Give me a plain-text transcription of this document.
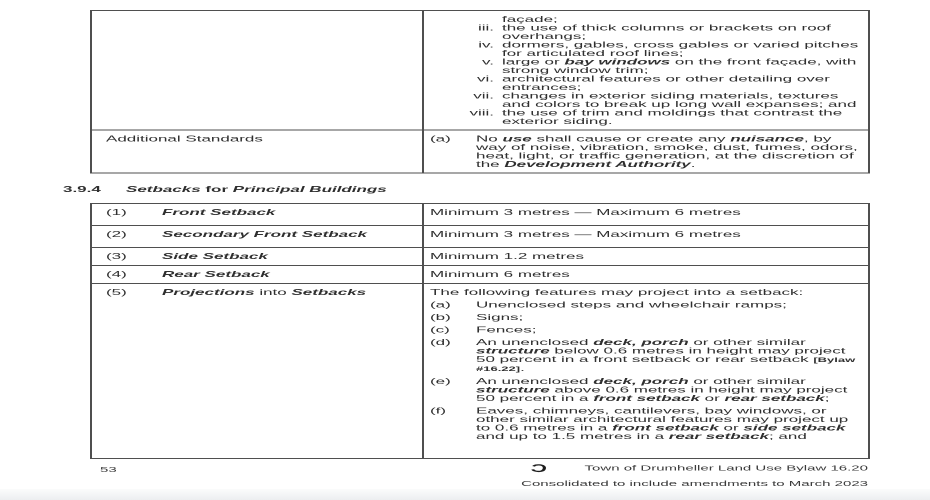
façade;
iii. the use of thick columns or brackets on roof overhangs;
iv. dormers, gables, cross gables or varied pitches for articulated roof lines;
v. large or bay windows on the front façade, with strong window trim;
vi. architectural features or other detailing over entrances;
vii. changes in exterior siding materials, textures and colors to break up long wall expanses; and
viii. the use of trim and moldings that contrast the exterior siding.
Additional Standards	(a)	No use shall cause or create any nuisance, by way of noise, vibration, smoke, dust, fumes, odors, heat, light, or traffic generation, at the discretion of the Development Authority.
3.9.4	Setbacks for Principal Buildings
(1)	Front Setback	Minimum 3 metres — Maximum 6 metres
(2)	Secondary Front Setback	Minimum 3 metres — Maximum 6 metres
(3)	Side Setback	Minimum 1.2 metres
(4)	Rear Setback	Minimum 6 metres
(5)	Projections into Setbacks	The following features may project into a setback:
(a)	Unenclosed steps and wheelchair ramps;
(b)	Signs;
(c)	Fences;
(d)	An unenclosed deck, porch or other similar structure below 0.6 metres in height may project 50 percent in a front setback or rear setback [Bylaw #16.22].
(e)	An unenclosed deck, porch or other similar structure above 0.6 metres in height may project 50 percent in a front setback or rear setback;
(f)	Eaves, chimneys, cantilevers, bay windows, or other similar architectural features may project up to 0.6 metres in a front setback or side setback and up to 1.5 metres in a rear setback; and
53	Ɔ Town of Drumheller Land Use Bylaw 16.20
Consolidated to include amendments to March 2023
